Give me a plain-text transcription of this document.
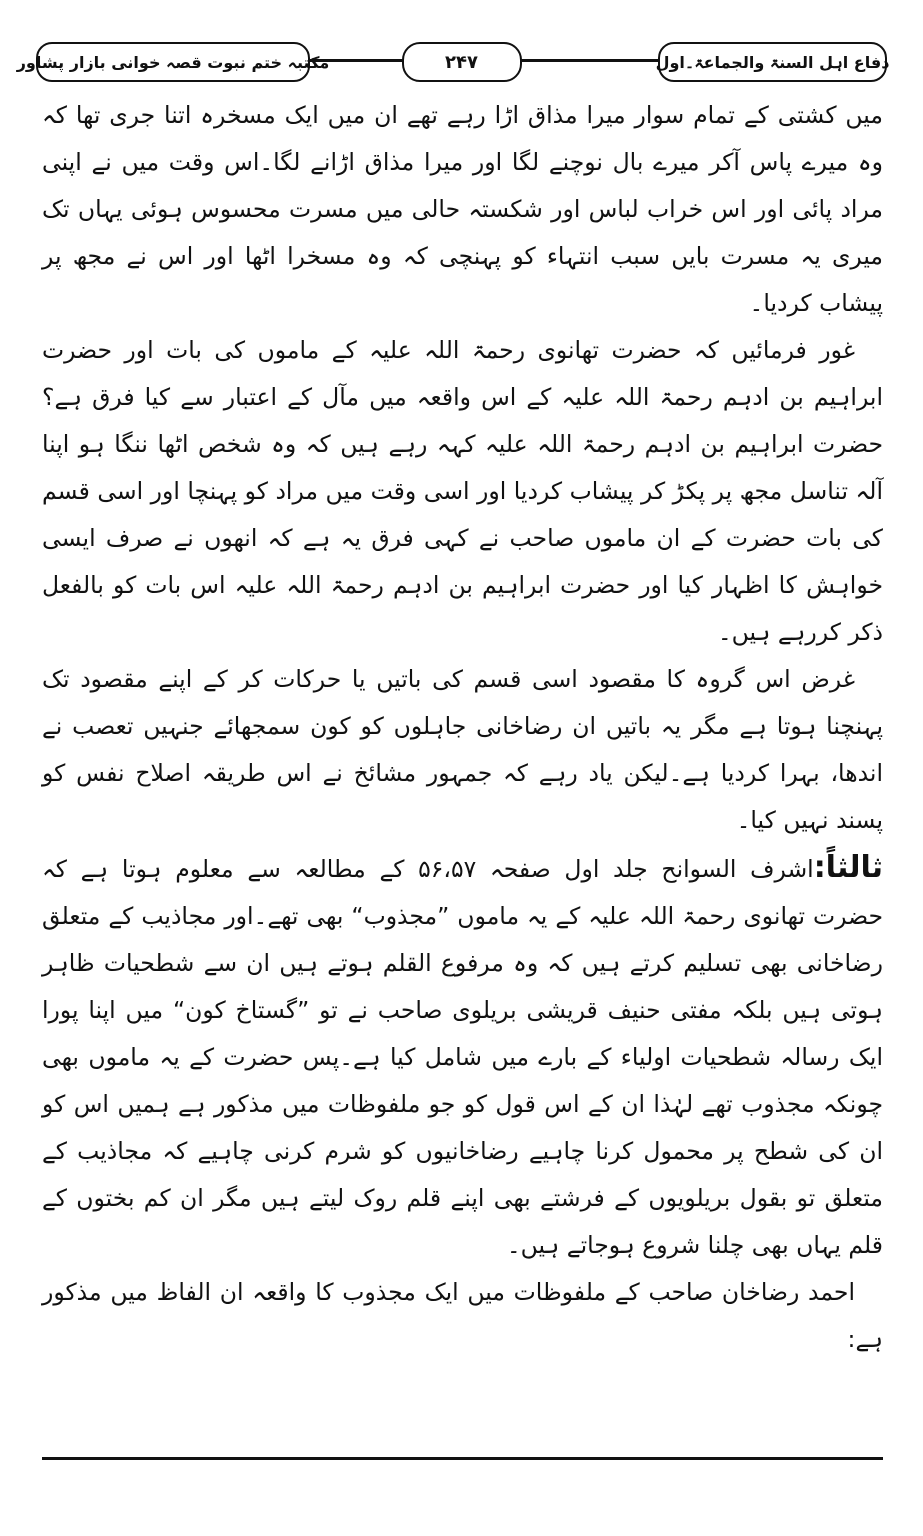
دفاع اہل السنۃ والجماعۃ۔اول
۲۴۷
مکتبہ ختم نبوت قصہ خوانی بازار پشاور

میں کشتی کے تمام سوار میرا مذاق اڑا رہے تھے ان میں ایک مسخرہ اتنا جری تھا کہ وہ میرے پاس آکر میرے بال نوچنے لگا اور میرا مذاق اڑانے لگا۔اس وقت میں نے اپنی مراد پائی اور اس خراب لباس اور شکستہ حالی میں مسرت محسوس ہوئی یہاں تک میری یہ مسرت بایں سبب انتہاء کو پہنچی کہ وہ مسخرا اٹھا اور اس نے مجھ پر پیشاب کردیا۔

غور فرمائیں کہ حضرت تھانوی رحمۃ اللہ علیہ کے ماموں کی بات اور حضرت ابراہیم بن ادہم رحمۃ اللہ علیہ کے اس واقعہ میں مآل کے اعتبار سے کیا فرق ہے؟ حضرت ابراہیم بن ادہم رحمۃ اللہ علیہ کہہ رہے ہیں کہ وہ شخص اٹھا ننگا ہو اپنا آلہ تناسل مجھ پر پکڑ کر پیشاب کردیا اور اسی وقت میں مراد کو پہنچا اور اسی قسم کی بات حضرت کے ان ماموں صاحب نے کہی فرق یہ ہے کہ انھوں نے صرف ایسی خواہش کا اظہار کیا اور حضرت ابراہیم بن ادہم رحمۃ اللہ علیہ اس بات کو بالفعل ذکر کررہے ہیں۔

غرض اس گروہ کا مقصود اسی قسم کی باتیں یا حرکات کر کے اپنے مقصود تک پہنچنا ہوتا ہے مگر یہ باتیں ان رضاخانی جاہلوں کو کون سمجھائے جنہیں تعصب نے اندھا، بہرا کردیا ہے۔لیکن یاد رہے کہ جمہور مشائخ نے اس طریقہ اصلاح نفس کو پسند نہیں کیا۔

ثالثاً:اشرف السوانح جلد اول صفحہ ۵۶،۵۷ کے مطالعہ سے معلوم ہوتا ہے کہ حضرت تھانوی رحمۃ اللہ علیہ کے یہ ماموں ”مجذوب“ بھی تھے۔اور مجاذیب کے متعلق رضاخانی بھی تسلیم کرتے ہیں کہ وہ مرفوع القلم ہوتے ہیں ان سے شطحیات ظاہر ہوتی ہیں بلکہ مفتی حنیف قریشی بریلوی صاحب نے تو ”گستاخ کون“ میں اپنا پورا ایک رسالہ شطحیات اولیاء کے بارے میں شامل کیا ہے۔پس حضرت کے یہ ماموں بھی چونکہ مجذوب تھے لہٰذا ان کے اس قول کو جو ملفوظات میں مذکور ہے ہمیں اس کو ان کی شطح پر محمول کرنا چاہیے رضاخانیوں کو شرم کرنی چاہیے کہ مجاذیب کے متعلق تو بقول بریلویوں کے فرشتے بھی اپنے قلم روک لیتے ہیں مگر ان کم بختوں کے قلم یہاں بھی چلنا شروع ہوجاتے ہیں۔

احمد رضاخان صاحب کے ملفوظات میں ایک مجذوب کا واقعہ ان الفاظ میں مذکور ہے:
